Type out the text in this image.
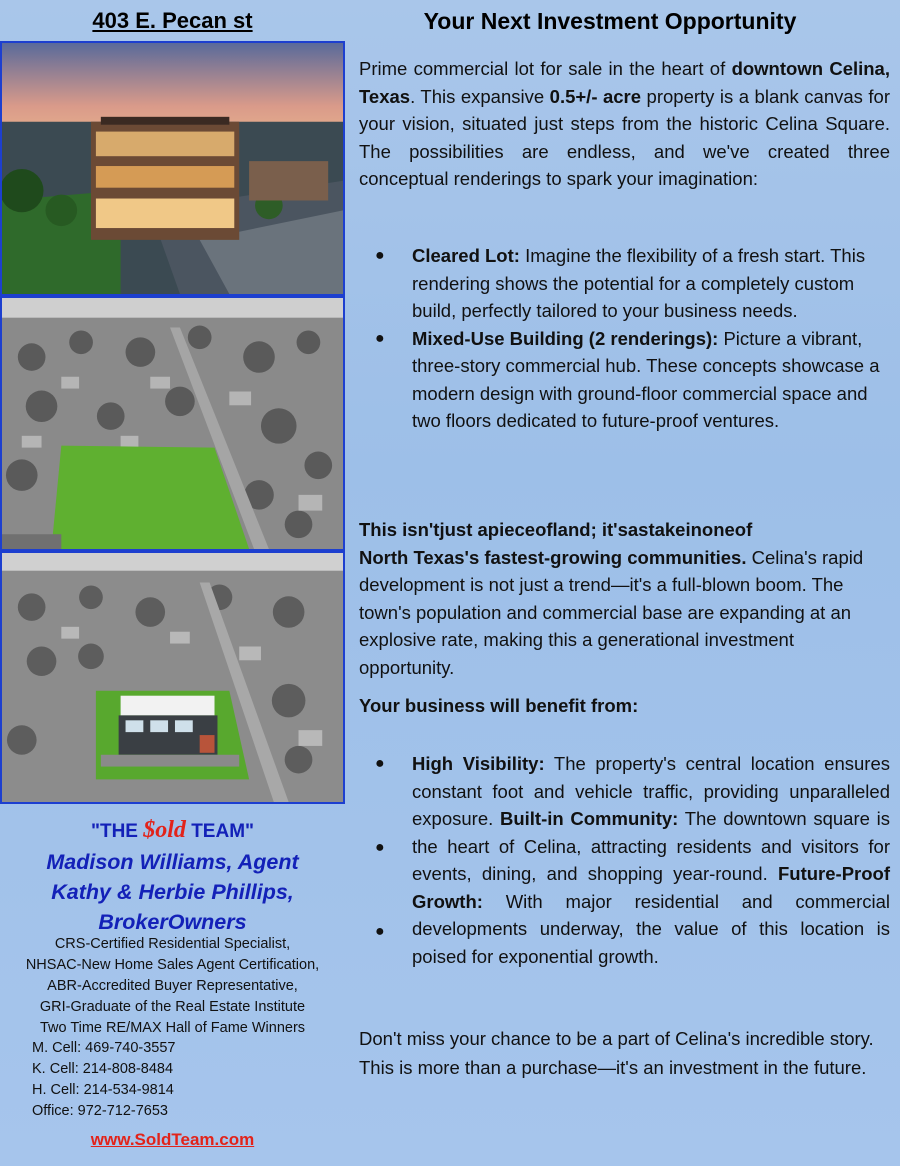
403 E. Pecan st	Your Next Investment Opportunity
Prime commercial lot for sale in the heart of downtown Celina, Texas. This expansive 0.5+/- acre property is a blank canvas for your vision, situated just steps from the historic Celina Square. The possibilities are endless, and we've created three conceptual renderings to spark your imagination:
● Cleared Lot: Imagine the flexibility of a fresh start. This rendering shows the potential for a completely custom build, perfectly tailored to your business needs.
● Mixed-Use Building (2 renderings): Picture a vibrant, three-story commercial hub. These concepts showcase a modern design with ground-floor commercial space and two floors dedicated to future-proof ventures.
This isn'tjust apieceofland; it'sastakeinoneof
North Texas's fastest-growing communities. Celina's rapid development is not just a trend—it's a full-blown boom. The town's population and commercial base are expanding at an explosive rate, making this a generational investment opportunity.
Your business will benefit from:
●
●
●
High Visibility: The property's central location ensures constant foot and vehicle traffic, providing unparalleled exposure. Built-in Community: The downtown square is the heart of Celina, attracting residents and visitors for events, dining, and shopping year-round. Future-Proof Growth: With major residential and commercial developments underway, the value of this location is poised for exponential growth.
Don't miss your chance to be a part of Celina's incredible story. This is more than a purchase—it's an investment in the future.
"THE $old TEAM"
Madison Williams, Agent
Kathy & Herbie Phillips,
BrokerOwners
CRS-Certified Residential Specialist,
NHSAC-New Home Sales Agent Certification,
ABR-Accredited Buyer Representative,
GRI-Graduate of the Real Estate Institute
Two Time RE/MAX Hall of Fame Winners
M. Cell: 469-740-3557
K. Cell: 214-808-8484
H. Cell: 214-534-9814
Office: 972-712-7653
www.SoldTeam.com
